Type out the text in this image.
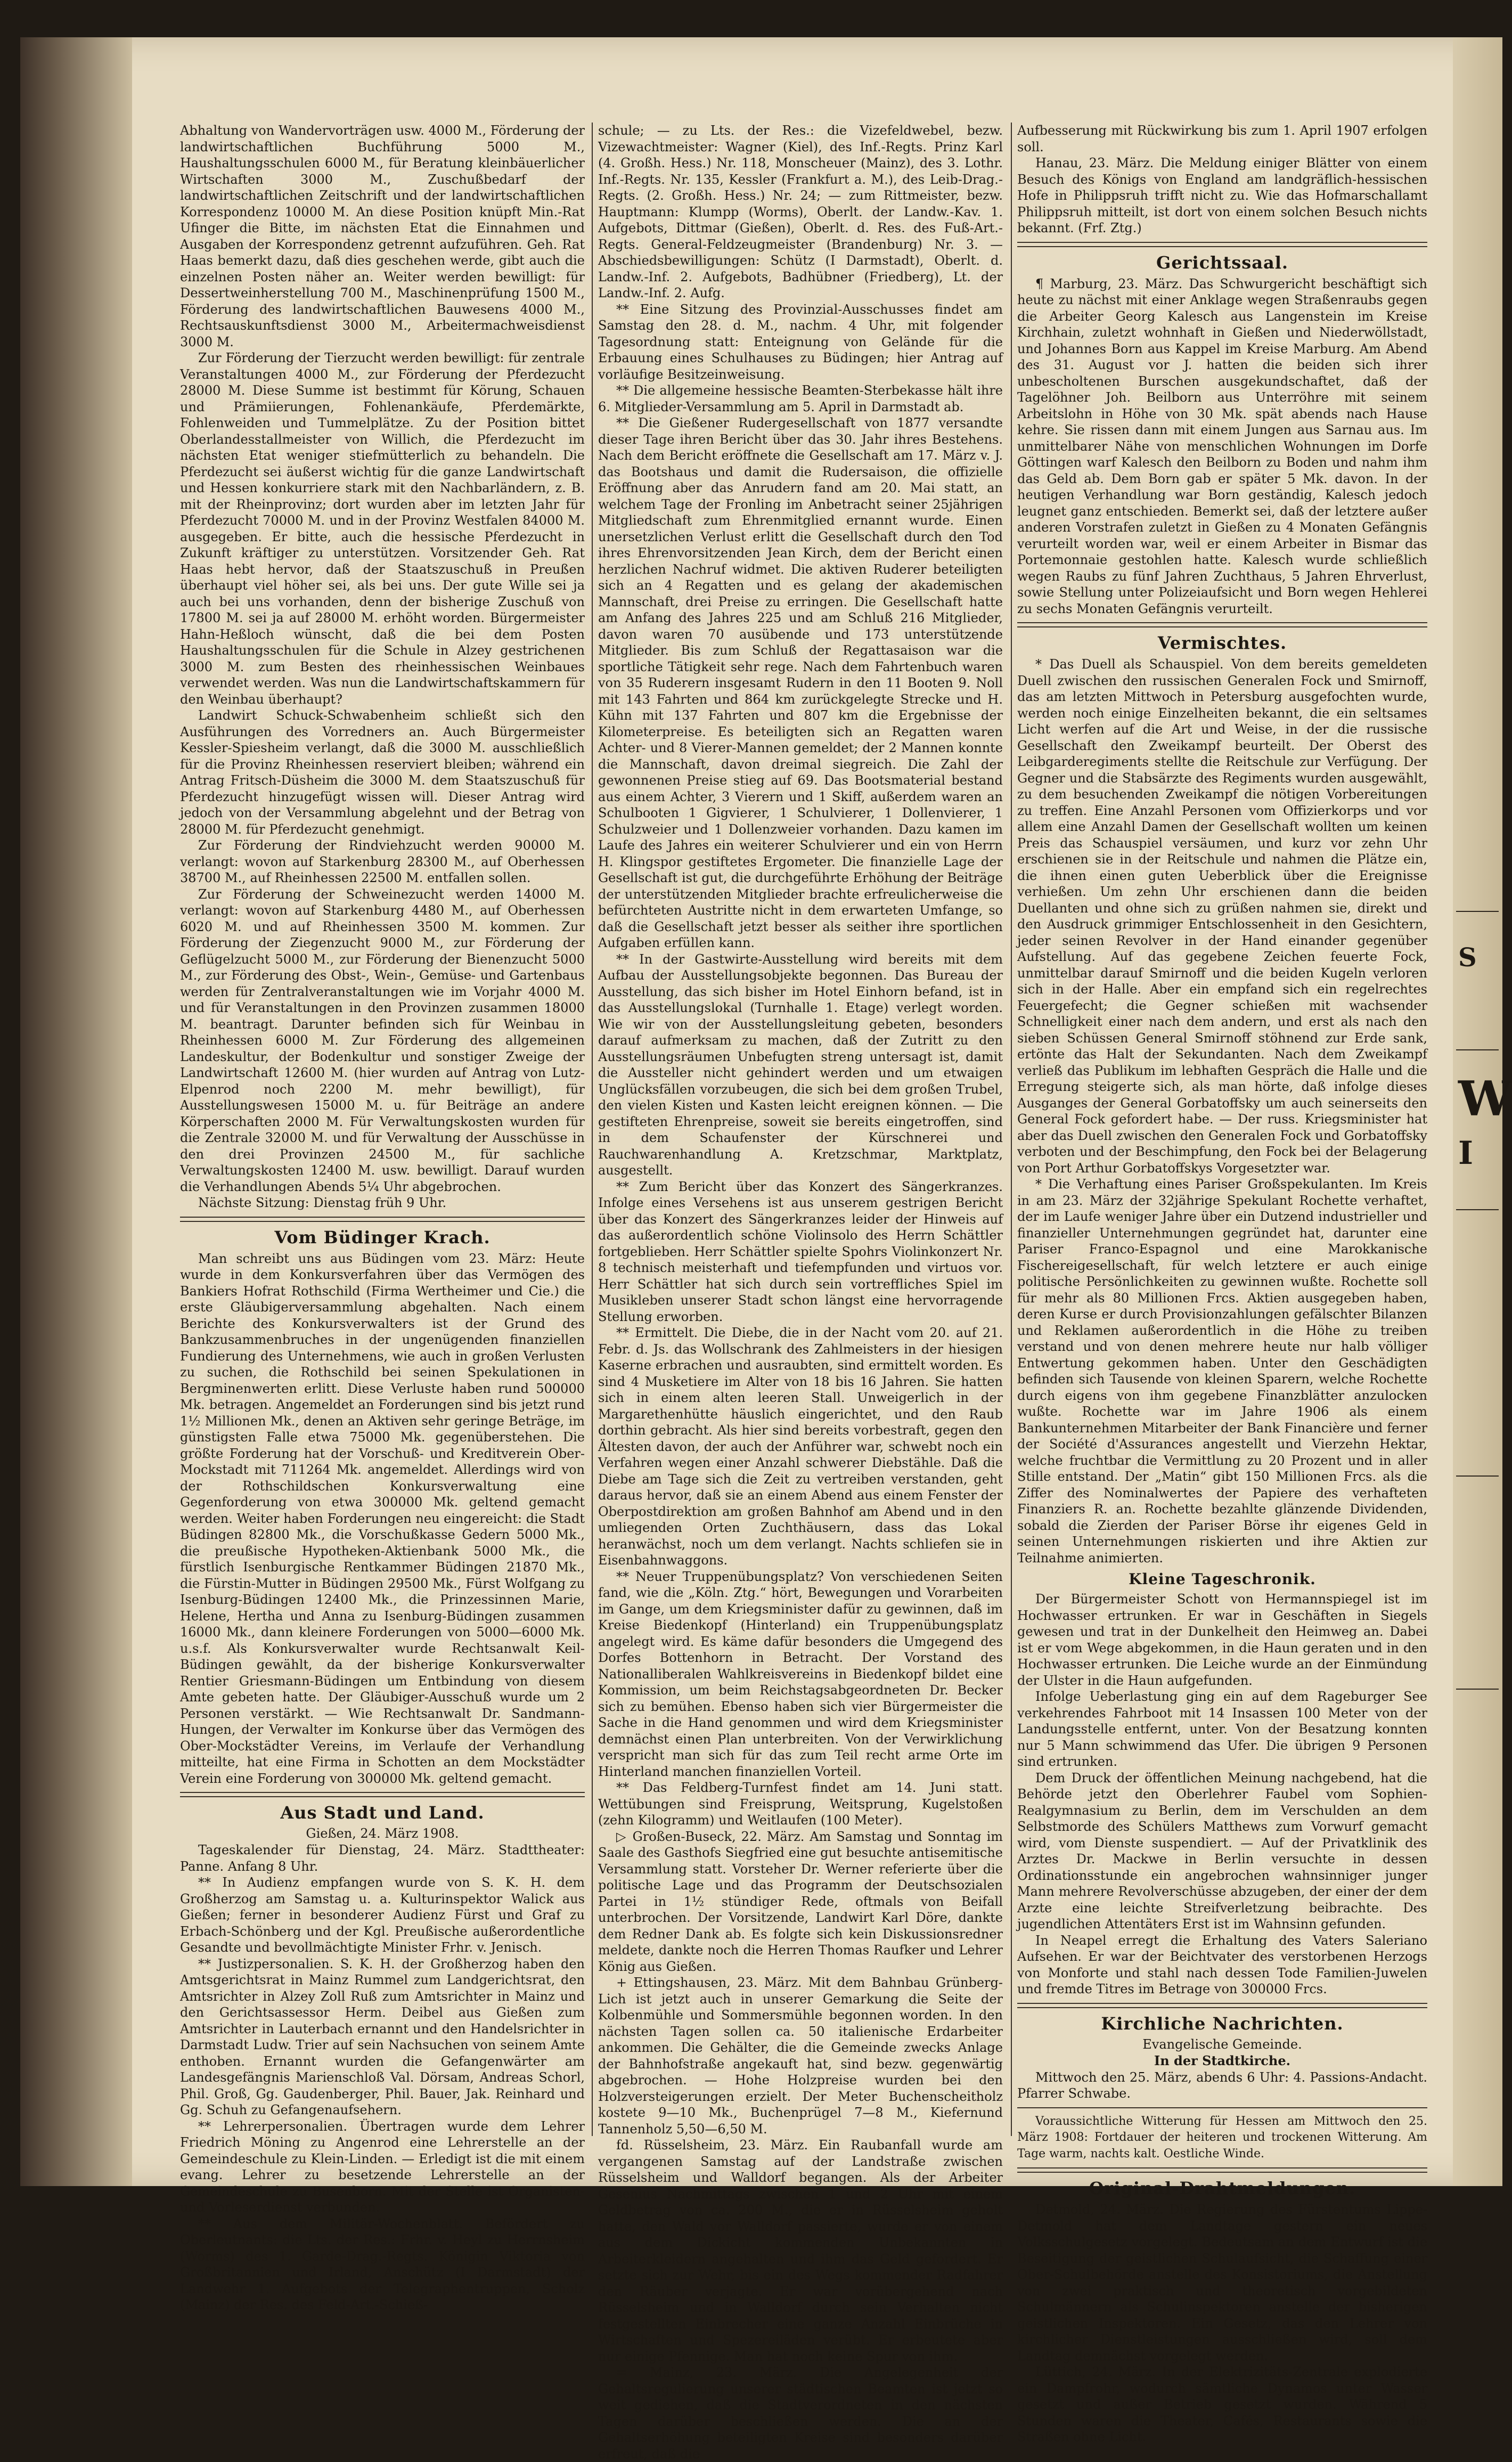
Abhaltung von Wandervorträgen usw. 4000 M., Förderung der landwirtschaftlichen Buchführung 5000 M., Haushaltungsschulen 6000 M., für Beratung kleinbäuerlicher Wirtschaften 3000 M., Zuschußbedarf der landwirtschaftlichen Zeitschrift und der landwirtschaftlichen Korrespondenz 10000 M. An diese Position knüpft Min.-Rat Ufinger die Bitte, im nächsten Etat die Einnahmen und Ausgaben der Korrespondenz getrennt aufzuführen. Geh. Rat Haas bemerkt dazu, daß dies geschehen werde, gibt auch die einzelnen Posten näher an. Weiter werden bewilligt: für Dessertweinherstellung 700 M., Maschinenprüfung 1500 M., Förderung des landwirtschaftlichen Bauwesens 4000 M., Rechtsauskunftsdienst 3000 M., Arbeitermachweisdienst 3000 M.

Zur Förderung der Tierzucht werden bewilligt: für zentrale Veranstaltungen 4000 M., zur Förderung der Pferdezucht 28000 M. Diese Summe ist bestimmt für Körung, Schauen und Prämiierungen, Fohlenankäufe, Pferdemärkte, Fohlenweiden und Tummelplätze. Zu der Position bittet Oberlandesstallmeister von Willich, die Pferdezucht im nächsten Etat weniger stiefmütterlich zu behandeln. Die Pferdezucht sei äußerst wichtig für die ganze Landwirtschaft und Hessen konkurriere stark mit den Nachbarländern, z. B. mit der Rheinprovinz; dort wurden aber im letzten Jahr für Pferdezucht 70000 M. und in der Provinz Westfalen 84000 M. ausgegeben. Er bitte, auch die hessische Pferdezucht in Zukunft kräftiger zu unterstützen. Vorsitzender Geh. Rat Haas hebt hervor, daß der Staatszuschuß in Preußen überhaupt viel höher sei, als bei uns. Der gute Wille sei ja auch bei uns vorhanden, denn der bisherige Zuschuß von 17800 M. sei ja auf 28000 M. erhöht worden. Bürgermeister Hahn-Heßloch wünscht, daß die bei dem Posten Haushaltungsschulen für die Schule in Alzey gestrichenen 3000 M. zum Besten des rheinhessischen Weinbaues verwendet werden. Was nun die Landwirtschaftskammern für den Weinbau überhaupt?

Landwirt Schuck-Schwabenheim schließt sich den Ausführungen des Vorredners an. Auch Bürgermeister Kessler-Spiesheim verlangt, daß die 3000 M. ausschließlich für die Provinz Rheinhessen reserviert bleiben; während ein Antrag Fritsch-Düsheim die 3000 M. dem Staatszuschuß für Pferdezucht hinzugefügt wissen will. Dieser Antrag wird jedoch von der Versammlung abgelehnt und der Betrag von 28000 M. für Pferdezucht genehmigt.

Zur Förderung der Rindviehzucht werden 90000 M. verlangt: wovon auf Starkenburg 28300 M., auf Oberhessen 38700 M., auf Rheinhessen 22500 M. entfallen sollen.

Zur Förderung der Schweinezucht werden 14000 M. verlangt: wovon auf Starkenburg 4480 M., auf Oberhessen 6020 M. und auf Rheinhessen 3500 M. kommen. Zur Förderung der Ziegenzucht 9000 M., zur Förderung der Geflügelzucht 5000 M., zur Förderung der Bienenzucht 5000 M., zur Förderung des Obst-, Wein-, Gemüse- und Gartenbaus werden für Zentralveranstaltungen wie im Vorjahr 4000 M. und für Veranstaltungen in den Provinzen zusammen 18000 M. beantragt. Darunter befinden sich für Weinbau in Rheinhessen 6000 M. Zur Förderung des allgemeinen Landeskultur, der Bodenkultur und sonstiger Zweige der Landwirtschaft 12600 M. (hier wurden auf Antrag von Lutz-Elpenrod noch 2200 M. mehr bewilligt), für Ausstellungswesen 15000 M. u. für Beiträge an andere Körperschaften 2000 M. Für Verwaltungskosten wurden für die Zentrale 32000 M. und für Verwaltung der Ausschüsse in den drei Provinzen 24500 M., für sachliche Verwaltungskosten 12400 M. usw. bewilligt. Darauf wurden die Verhandlungen Abends 5¼ Uhr abgebrochen.

Nächste Sitzung: Dienstag früh 9 Uhr.

Vom Büdinger Krach.

Man schreibt uns aus Büdingen vom 23. März: Heute wurde in dem Konkursverfahren über das Vermögen des Bankiers Hofrat Rothschild (Firma Wertheimer und Cie.) die erste Gläubigerversammlung abgehalten. Nach einem Berichte des Konkursverwalters ist der Grund des Bankzusammenbruches in der ungenügenden finanziellen Fundierung des Unternehmens, wie auch in großen Verlusten zu suchen, die Rothschild bei seinen Spekulationen in Bergminenwerten erlitt. Diese Verluste haben rund 500000 Mk. betragen. Angemeldet an Forderungen sind bis jetzt rund 1½ Millionen Mk., denen an Aktiven sehr geringe Beträge, im günstigsten Falle etwa 75000 Mk. gegenüberstehen. Die größte Forderung hat der Vorschuß- und Kreditverein Ober-Mockstadt mit 711264 Mk. angemeldet. Allerdings wird von der Rothschildschen Konkursverwaltung eine Gegenforderung von etwa 300000 Mk. geltend gemacht werden. Weiter haben Forderungen neu eingereicht: die Stadt Büdingen 82800 Mk., die Vorschußkasse Gedern 5000 Mk., die preußische Hypotheken-Aktienbank 5000 Mk., die fürstlich Isenburgische Rentkammer Büdingen 21870 Mk., die Fürstin-Mutter in Büdingen 29500 Mk., Fürst Wolfgang zu Isenburg-Büdingen 12400 Mk., die Prinzessinnen Marie, Helene, Hertha und Anna zu Isenburg-Büdingen zusammen 16000 Mk., dann kleinere Forderungen von 5000—6000 Mk. u.s.f. Als Konkursverwalter wurde Rechtsanwalt Keil-Büdingen gewählt, da der bisherige Konkursverwalter Rentier Griesmann-Büdingen um Entbindung von diesem Amte gebeten hatte. Der Gläubiger-Ausschuß wurde um 2 Personen verstärkt. — Wie Rechtsanwalt Dr. Sandmann-Hungen, der Verwalter im Konkurse über das Vermögen des Ober-Mockstädter Vereins, im Verlaufe der Verhandlung mitteilte, hat eine Firma in Schotten an dem Mockstädter Verein eine Forderung von 300000 Mk. geltend gemacht.

Aus Stadt und Land.
Gießen, 24. März 1908.

Tageskalender für Dienstag, 24. März. Stadttheater: Panne. Anfang 8 Uhr.

** In Audienz empfangen wurde von S. K. H. dem Großherzog am Samstag u. a. Kulturinspektor Walick aus Gießen; ferner in besonderer Audienz Fürst und Graf zu Erbach-Schönberg und der Kgl. Preußische außerordentliche Gesandte und bevollmächtigte Minister Frhr. v. Jenisch.

** Justizpersonalien. S. K. H. der Großherzog haben den Amtsgerichtsrat in Mainz Rummel zum Landgerichtsrat, den Amtsrichter in Alzey Zoll Ruß zum Amtsrichter in Mainz und den Gerichtsassessor Herm. Deibel aus Gießen zum Amtsrichter in Lauterbach ernannt und den Handelsrichter in Darmstadt Ludw. Trier auf sein Nachsuchen von seinem Amte enthoben. Ernannt wurden die Gefangenwärter am Landesgefängnis Marienschloß Val. Dörsam, Andreas Schorl, Phil. Groß, Gg. Gaudenberger, Phil. Bauer, Jak. Reinhard und Gg. Schuh zu Gefangenaufsehern.

** Lehrerpersonalien. Übertragen wurde dem Lehrer Friedrich Möning zu Angenrod eine Lehrerstelle an der Gemeindeschule zu Klein-Linden. — Erledigt ist die mit einem evang. Lehrer zu besetzende Lehrerstelle an der Gemeindeschule zu Busenborn. Mit der Stelle ist Organisten- und Vorleserdienst verbunden.

** Aus dem Militär-Wochenblatt. Befördert zu Oberleutnants: die Lts. der Res.: Frhr. v. Heyl zu Herrnsheim (Worms) des 1. Garde-Drag.-Regts. Königin Viktoria von Großbritannien und Irland, Anschütz (I Darmstadt) der Landwehr 1. Aufgebots der Telegraphentruppen, Scholz (Mainz) der Res. des Feld-Art.-Schieß-

schule; — zu Lts. der Res.: die Vizefeldwebel, bezw. Vizewachtmeister: Wagner (Kiel), des Inf.-Regts. Prinz Karl (4. Großh. Hess.) Nr. 118, Monscheuer (Mainz), des 3. Lothr. Inf.-Regts. Nr. 135, Kessler (Frankfurt a. M.), des Leib-Drag.-Regts. (2. Großh. Hess.) Nr. 24; — zum Rittmeister, bezw. Hauptmann: Klumpp (Worms), Oberlt. der Landw.-Kav. 1. Aufgebots, Dittmar (Gießen), Oberlt. d. Res. des Fuß-Art.-Regts. General-Feldzeugmeister (Brandenburg) Nr. 3. — Abschiedsbewilligungen: Schütz (I Darmstadt), Oberlt. d. Landw.-Inf. 2. Aufgebots, Badhübner (Friedberg), Lt. der Landw.-Inf. 2. Aufg.

** Eine Sitzung des Provinzial-Ausschusses findet am Samstag den 28. d. M., nachm. 4 Uhr, mit folgender Tagesordnung statt: Enteignung von Gelände für die Erbauung eines Schulhauses zu Büdingen; hier Antrag auf vorläufige Besitzeinweisung.

** Die allgemeine hessische Beamten-Sterbekasse hält ihre 6. Mitglieder-Versammlung am 5. April in Darmstadt ab.

** Die Gießener Rudergesellschaft von 1877 versandte dieser Tage ihren Bericht über das 30. Jahr ihres Bestehens. Nach dem Bericht eröffnete die Gesellschaft am 17. März v. J. das Bootshaus und damit die Rudersaison, die offizielle Eröffnung aber das Anrudern fand am 20. Mai statt, an welchem Tage der Fronling im Anbetracht seiner 25jährigen Mitgliedschaft zum Ehrenmitglied ernannt wurde. Einen unersetzlichen Verlust erlitt die Gesellschaft durch den Tod ihres Ehrenvorsitzenden Jean Kirch, dem der Bericht einen herzlichen Nachruf widmet. Die aktiven Ruderer beteiligten sich an 4 Regatten und es gelang der akademischen Mannschaft, drei Preise zu erringen. Die Gesellschaft hatte am Anfang des Jahres 225 und am Schluß 216 Mitglieder, davon waren 70 ausübende und 173 unterstützende Mitglieder. Bis zum Schluß der Regattasaison war die sportliche Tätigkeit sehr rege. Nach dem Fahrtenbuch waren von 35 Ruderern insgesamt Rudern in den 11 Booten 9. Noll mit 143 Fahrten und 864 km zurückgelegte Strecke und H. Kühn mit 137 Fahrten und 807 km die Ergebnisse der Kilometerpreise. Es beteiligten sich an Regatten waren Achter- und 8 Vierer-Mannen gemeldet; der 2 Mannen konnte die Mannschaft, davon dreimal siegreich. Die Zahl der gewonnenen Preise stieg auf 69. Das Bootsmaterial bestand aus einem Achter, 3 Vierern und 1 Skiff, außerdem waren an Schulbooten 1 Gigvierer, 1 Schulvierer, 1 Dollenvierer, 1 Schulzweier und 1 Dollenzweier vorhanden. Dazu kamen im Laufe des Jahres ein weiterer Schulvierer und ein von Herrn H. Klingspor gestiftetes Ergometer. Die finanzielle Lage der Gesellschaft ist gut, die durchgeführte Erhöhung der Beiträge der unterstützenden Mitglieder brachte erfreulicherweise die befürchteten Austritte nicht in dem erwarteten Umfange, so daß die Gesellschaft jetzt besser als seither ihre sportlichen Aufgaben erfüllen kann.

** In der Gastwirte-Ausstellung wird bereits mit dem Aufbau der Ausstellungsobjekte begonnen. Das Bureau der Ausstellung, das sich bisher im Hotel Einhorn befand, ist in das Ausstellungslokal (Turnhalle 1. Etage) verlegt worden. Wie wir von der Ausstellungsleitung gebeten, besonders darauf aufmerksam zu machen, daß der Zutritt zu den Ausstellungsräumen Unbefugten streng untersagt ist, damit die Aussteller nicht gehindert werden und um etwaigen Unglücksfällen vorzubeugen, die sich bei dem großen Trubel, den vielen Kisten und Kasten leicht ereignen können. — Die gestifteten Ehrenpreise, soweit sie bereits eingetroffen, sind in dem Schaufenster der Kürschnerei und Rauchwarenhandlung A. Kretzschmar, Marktplatz, ausgestellt.

** Zum Bericht über das Konzert des Sängerkranzes. Infolge eines Versehens ist aus unserem gestrigen Bericht über das Konzert des Sängerkranzes leider der Hinweis auf das außerordentlich schöne Violinsolo des Herrn Schättler fortgeblieben. Herr Schättler spielte Spohrs Violinkonzert Nr. 8 technisch meisterhaft und tiefempfunden und virtuos vor. Herr Schättler hat sich durch sein vortreffliches Spiel im Musikleben unserer Stadt schon längst eine hervorragende Stellung erworben.

** Ermittelt. Die Diebe, die in der Nacht vom 20. auf 21. Febr. d. Js. das Wollschrank des Zahlmeisters in der hiesigen Kaserne erbrachen und ausraubten, sind ermittelt worden. Es sind 4 Musketiere im Alter von 18 bis 16 Jahren. Sie hatten sich in einem alten leeren Stall. Unweigerlich in der Margarethenhütte häuslich eingerichtet, und den Raub dorthin gebracht. Als hier sind bereits vorbestraft, gegen den Ältesten davon, der auch der Anführer war, schwebt noch ein Verfahren wegen einer Anzahl schwerer Diebstähle. Daß die Diebe am Tage sich die Zeit zu vertreiben verstanden, geht daraus hervor, daß sie an einem Abend aus einem Fenster der Oberpostdirektion am großen Bahnhof am Abend und in den umliegenden Orten Zuchthäusern, dass das Lokal heranwächst, noch um dem verlangt. Nachts schliefen sie in Eisenbahnwaggons.

** Neuer Truppenübungsplatz? Von verschiedenen Seiten fand, wie die „Köln. Ztg.“ hört, Bewegungen und Vorarbeiten im Gange, um dem Kriegsminister dafür zu gewinnen, daß im Kreise Biedenkopf (Hinterland) ein Truppenübungsplatz angelegt wird. Es käme dafür besonders die Umgegend des Dorfes Bottenhorn in Betracht. Der Vorstand des Nationalliberalen Wahlkreisvereins in Biedenkopf bildet eine Kommission, um beim Reichstagsabgeordneten Dr. Becker sich zu bemühen. Ebenso haben sich vier Bürgermeister die Sache in die Hand genommen und wird dem Kriegsminister demnächst einen Plan unterbreiten. Von der Verwirklichung verspricht man sich für das zum Teil recht arme Orte im Hinterland manchen finanziellen Vorteil.

** Das Feldberg-Turnfest findet am 14. Juni statt. Wettübungen sind Freisprung, Weitsprung, Kugelstoßen (zehn Kilogramm) und Weitlaufen (100 Meter).

▷ Großen-Buseck, 22. März. Am Samstag und Sonntag im Saale des Gasthofs Siegfried eine gut besuchte antisemitische Versammlung statt. Vorsteher Dr. Werner referierte über die politische Lage und das Programm der Deutschsozialen Partei in 1½ stündiger Rede, oftmals von Beifall unterbrochen. Der Vorsitzende, Landwirt Karl Döre, dankte dem Redner Dank ab. Es folgte sich kein Diskussionsredner meldete, dankte noch die Herren Thomas Raufker und Lehrer König aus Gießen.

+ Ettingshausen, 23. März. Mit dem Bahnbau Grünberg-Lich ist jetzt auch in unserer Gemarkung die Seite der Kolbenmühle und Sommersmühle begonnen worden. In den nächsten Tagen sollen ca. 50 italienische Erdarbeiter ankommen. Die Gehälter, die die Gemeinde zwecks Anlage der Bahnhofstraße angekauft hat, sind bezw. gegenwärtig abgebrochen. — Hohe Holzpreise wurden bei den Holzversteigerungen erzielt. Der Meter Buchenscheitholz kostete 9—10 Mk., Buchenprügel 7—8 M., Kiefernund Tannenholz 5,50—6,50 M.

fd. Rüsselsheim, 23. März. Ein Raubanfall wurde am vergangenen Samstag auf der Landstraße zwischen Rüsselsheim und Walldorf begangen. Als der Arbeiter Gesenius Nachmittags zwischen 1 und 2 Uhr mit einem Geldbetrag von ca. 200 M., die er in Rüsselsheim geholt hatte, den Wald vor Walldorf passierte, wurde er von einem aus dem Dickicht kommenden Unbekannten in Arbeiterkleidern angehalten und ihm das Geld gefordert. Er setzte sich zur Wehr, bis ein des Wegs kommender Radfahrer den Räuber verjagte. Er war vorübergehend nach Rüsselsheim und in Walldorf durch sein Verhalten nicht festgestellten Einbrecher eine ganze Anzahl Einbrüche in Wirtschaften und Spezereiläden verübt. Er erbeutete aber nur einige Pfennige. Man hat noch keine Spur von ihm.

= Mainz, 23. März. Die Angelegenheit der Gehaltsregulierung unserer städtischen Beamten ist jetzt so weit gediehen, daß die Stadtverordneten in den nächsten Tagen darüber beschließen werden. Die an der Gehaltserhöhung beteiligten Kreise sind besonders darüber erfreut, daß die

Aufbesserung mit Rückwirkung bis zum 1. April 1907 erfolgen soll.

Hanau, 23. März. Die Meldung einiger Blätter von einem Besuch des Königs von England am landgräflich-hessischen Hofe in Philippsruh trifft nicht zu. Wie das Hofmarschallamt Philippsruh mitteilt, ist dort von einem solchen Besuch nichts bekannt. (Frf. Ztg.)

Gerichtssaal.

¶ Marburg, 23. März. Das Schwurgericht beschäftigt sich heute zu nächst mit einer Anklage wegen Straßenraubs gegen die Arbeiter Georg Kalesch aus Langenstein im Kreise Kirchhain, zuletzt wohnhaft in Gießen und Niederwöllstadt, und Johannes Born aus Kappel im Kreise Marburg. Am Abend des 31. August vor J. hatten die beiden sich ihrer unbescholtenen Burschen ausgekundschaftet, daß der Tagelöhner Joh. Beilborn aus Unterröhre mit seinem Arbeitslohn in Höhe von 30 Mk. spät abends nach Hause kehre. Sie rissen dann mit einem Jungen aus Sarnau aus. Im unmittelbarer Nähe von menschlichen Wohnungen im Dorfe Göttingen warf Kalesch den Beilborn zu Boden und nahm ihm das Geld ab. Dem Born gab er später 5 Mk. davon. In der heutigen Verhandlung war Born geständig, Kalesch jedoch leugnet ganz entschieden. Bemerkt sei, daß der letztere außer anderen Vorstrafen zuletzt in Gießen zu 4 Monaten Gefängnis verurteilt worden war, weil er einem Arbeiter in Bismar das Portemonnaie gestohlen hatte. Kalesch wurde schließlich wegen Raubs zu fünf Jahren Zuchthaus, 5 Jahren Ehrverlust, sowie Stellung unter Polizeiaufsicht und Born wegen Hehlerei zu sechs Monaten Gefängnis verurteilt.

Vermischtes.

* Das Duell als Schauspiel. Von dem bereits gemeldeten Duell zwischen den russischen Generalen Fock und Smirnoff, das am letzten Mittwoch in Petersburg ausgefochten wurde, werden noch einige Einzelheiten bekannt, die ein seltsames Licht werfen auf die Art und Weise, in der die russische Gesellschaft den Zweikampf beurteilt. Der Oberst des Leibgarderegiments stellte die Reitschule zur Verfügung. Der Gegner und die Stabsärzte des Regiments wurden ausgewählt, zu dem besuchenden Zweikampf die nötigen Vorbereitungen zu treffen. Eine Anzahl Personen vom Offizierkorps und vor allem eine Anzahl Damen der Gesellschaft wollten um keinen Preis das Schauspiel versäumen, und kurz vor zehn Uhr erschienen sie in der Reitschule und nahmen die Plätze ein, die ihnen einen guten Ueberblick über die Ereignisse verhießen. Um zehn Uhr erschienen dann die beiden Duellanten und ohne sich zu grüßen nahmen sie, direkt und den Ausdruck grimmiger Entschlossenheit in den Gesichtern, jeder seinen Revolver in der Hand einander gegenüber Aufstellung. Auf das gegebene Zeichen feuerte Fock, unmittelbar darauf Smirnoff und die beiden Kugeln verloren sich in der Halle. Aber ein empfand sich ein regelrechtes Feuergefecht; die Gegner schießen mit wachsender Schnelligkeit einer nach dem andern, und erst als nach den sieben Schüssen General Smirnoff stöhnend zur Erde sank, ertönte das Halt der Sekundanten. Nach dem Zweikampf verließ das Publikum im lebhaften Gespräch die Halle und die Erregung steigerte sich, als man hörte, daß infolge dieses Ausganges der General Gorbatoffsky um auch seinerseits den General Fock gefordert habe. — Der russ. Kriegsminister hat aber das Duell zwischen den Generalen Fock und Gorbatoffsky verboten und der Beschimpfung, den Fock bei der Belagerung von Port Arthur Gorbatoffskys Vorgesetzter war.

* Die Verhaftung eines Pariser Großspekulanten. Im Kreis in am 23. März der 32jährige Spekulant Rochette verhaftet, der im Laufe weniger Jahre über ein Dutzend industrieller und finanzieller Unternehmungen gegründet hat, darunter eine Pariser Franco-Espagnol und eine Marokkanische Fischereigesellschaft, für welch letztere er auch einige politische Persönlichkeiten zu gewinnen wußte. Rochette soll für mehr als 80 Millionen Frcs. Aktien ausgegeben haben, deren Kurse er durch Provisionzahlungen gefälschter Bilanzen und Reklamen außerordentlich in die Höhe zu treiben verstand und von denen mehrere heute nur halb völliger Entwertung gekommen haben. Unter den Geschädigten befinden sich Tausende von kleinen Sparern, welche Rochette durch eigens von ihm gegebene Finanzblätter anzulocken wußte. Rochette war im Jahre 1906 als einem Bankunternehmen Mitarbeiter der Bank Financière und ferner der Société d'Assurances angestellt und Vierzehn Hektar, welche fruchtbar die Vermittlung zu 20 Prozent und in aller Stille entstand. Der „Matin“ gibt 150 Millionen Frcs. als die Ziffer des Nominalwertes der Papiere des verhafteten Finanziers R. an. Rochette bezahlte glänzende Dividenden, sobald die Zierden der Pariser Börse ihr eigenes Geld in seinen Unternehmungen riskierten und ihre Aktien zur Teilnahme animierten.

Kleine Tageschronik.

Der Bürgermeister Schott von Hermannspiegel ist im Hochwasser ertrunken. Er war in Geschäften in Siegels gewesen und trat in der Dunkelheit den Heimweg an. Dabei ist er vom Wege abgekommen, in die Haun geraten und in den Hochwasser ertrunken. Die Leiche wurde an der Einmündung der Ulster in die Haun aufgefunden.

Infolge Ueberlastung ging ein auf dem Rageburger See verkehrendes Fahrboot mit 14 Insassen 100 Meter von der Landungsstelle entfernt, unter. Von der Besatzung konnten nur 5 Mann schwimmend das Ufer. Die übrigen 9 Personen sind ertrunken.

Dem Druck der öffentlichen Meinung nachgebend, hat die Behörde jetzt den Oberlehrer Faubel vom Sophien-Realgymnasium zu Berlin, dem im Verschulden an dem Selbstmorde des Schülers Matthews zum Vorwurf gemacht wird, vom Dienste suspendiert. — Auf der Privatklinik des Arztes Dr. Mackwe in Berlin versuchte in dessen Ordinationsstunde ein angebrochen wahnsinniger junger Mann mehrere Revolverschüsse abzugeben, der einer der dem Arzte eine leichte Streifverletzung beibrachte. Des jugendlichen Attentäters Erst ist im Wahnsinn gefunden.

In Neapel erregt die Erhaltung des Vaters Saleriano Aufsehen. Er war der Beichtvater des verstorbenen Herzogs von Monforte und stahl nach dessen Tode Familien-Juwelen und fremde Titres im Betrage von 300000 Frcs.

Kirchliche Nachrichten.
Evangelische Gemeinde.
In der Stadtkirche.

Mittwoch den 25. März, abends 6 Uhr: 4. Passions-Andacht. Pfarrer Schwabe.

Voraussichtliche Witterung für Hessen am Mittwoch den 25. März 1908: Fortdauer der heiteren und trockenen Witterung. Am Tage warm, nachts kalt. Oestliche Winde.

Original-Drahtmeldungen.

Detmold, 24. März. Die Regierung des Fürstentums Lippe-Detmold hat dem Landtage gestern ein neues Volksschulgesetz vorgelegt. Bedeutsam an dem Entwurf ist die Beseitigung der geistlichen Schulaufsicht, die Schaffung einer Ober-Schulbehörde anstelle des Konsistoriums, die Anstellung von zwei praktisch und theoretisch vorgebildeten Schulmännern als Schulinspektoren anstelle der bisherigen geistlichen Inspektoren. Ein Gesetz, das den Lehrer von kirchlicher Dienstleistungen ausschließen wird, soll dem Landtag demnächst vorgelegt werden.

Lüttich, 24. März. In der Elektrizitäts-Zentrale explodierte ein Dampfrohr, wodurch sämtliche Dynamos unter Wasser gesetzt und außer Betrieb gesetzt wurden. Während 5 Stunden waren die Theater, Cafés, Restaurants sowie die Straßen ohne Licht.

S
W
I
